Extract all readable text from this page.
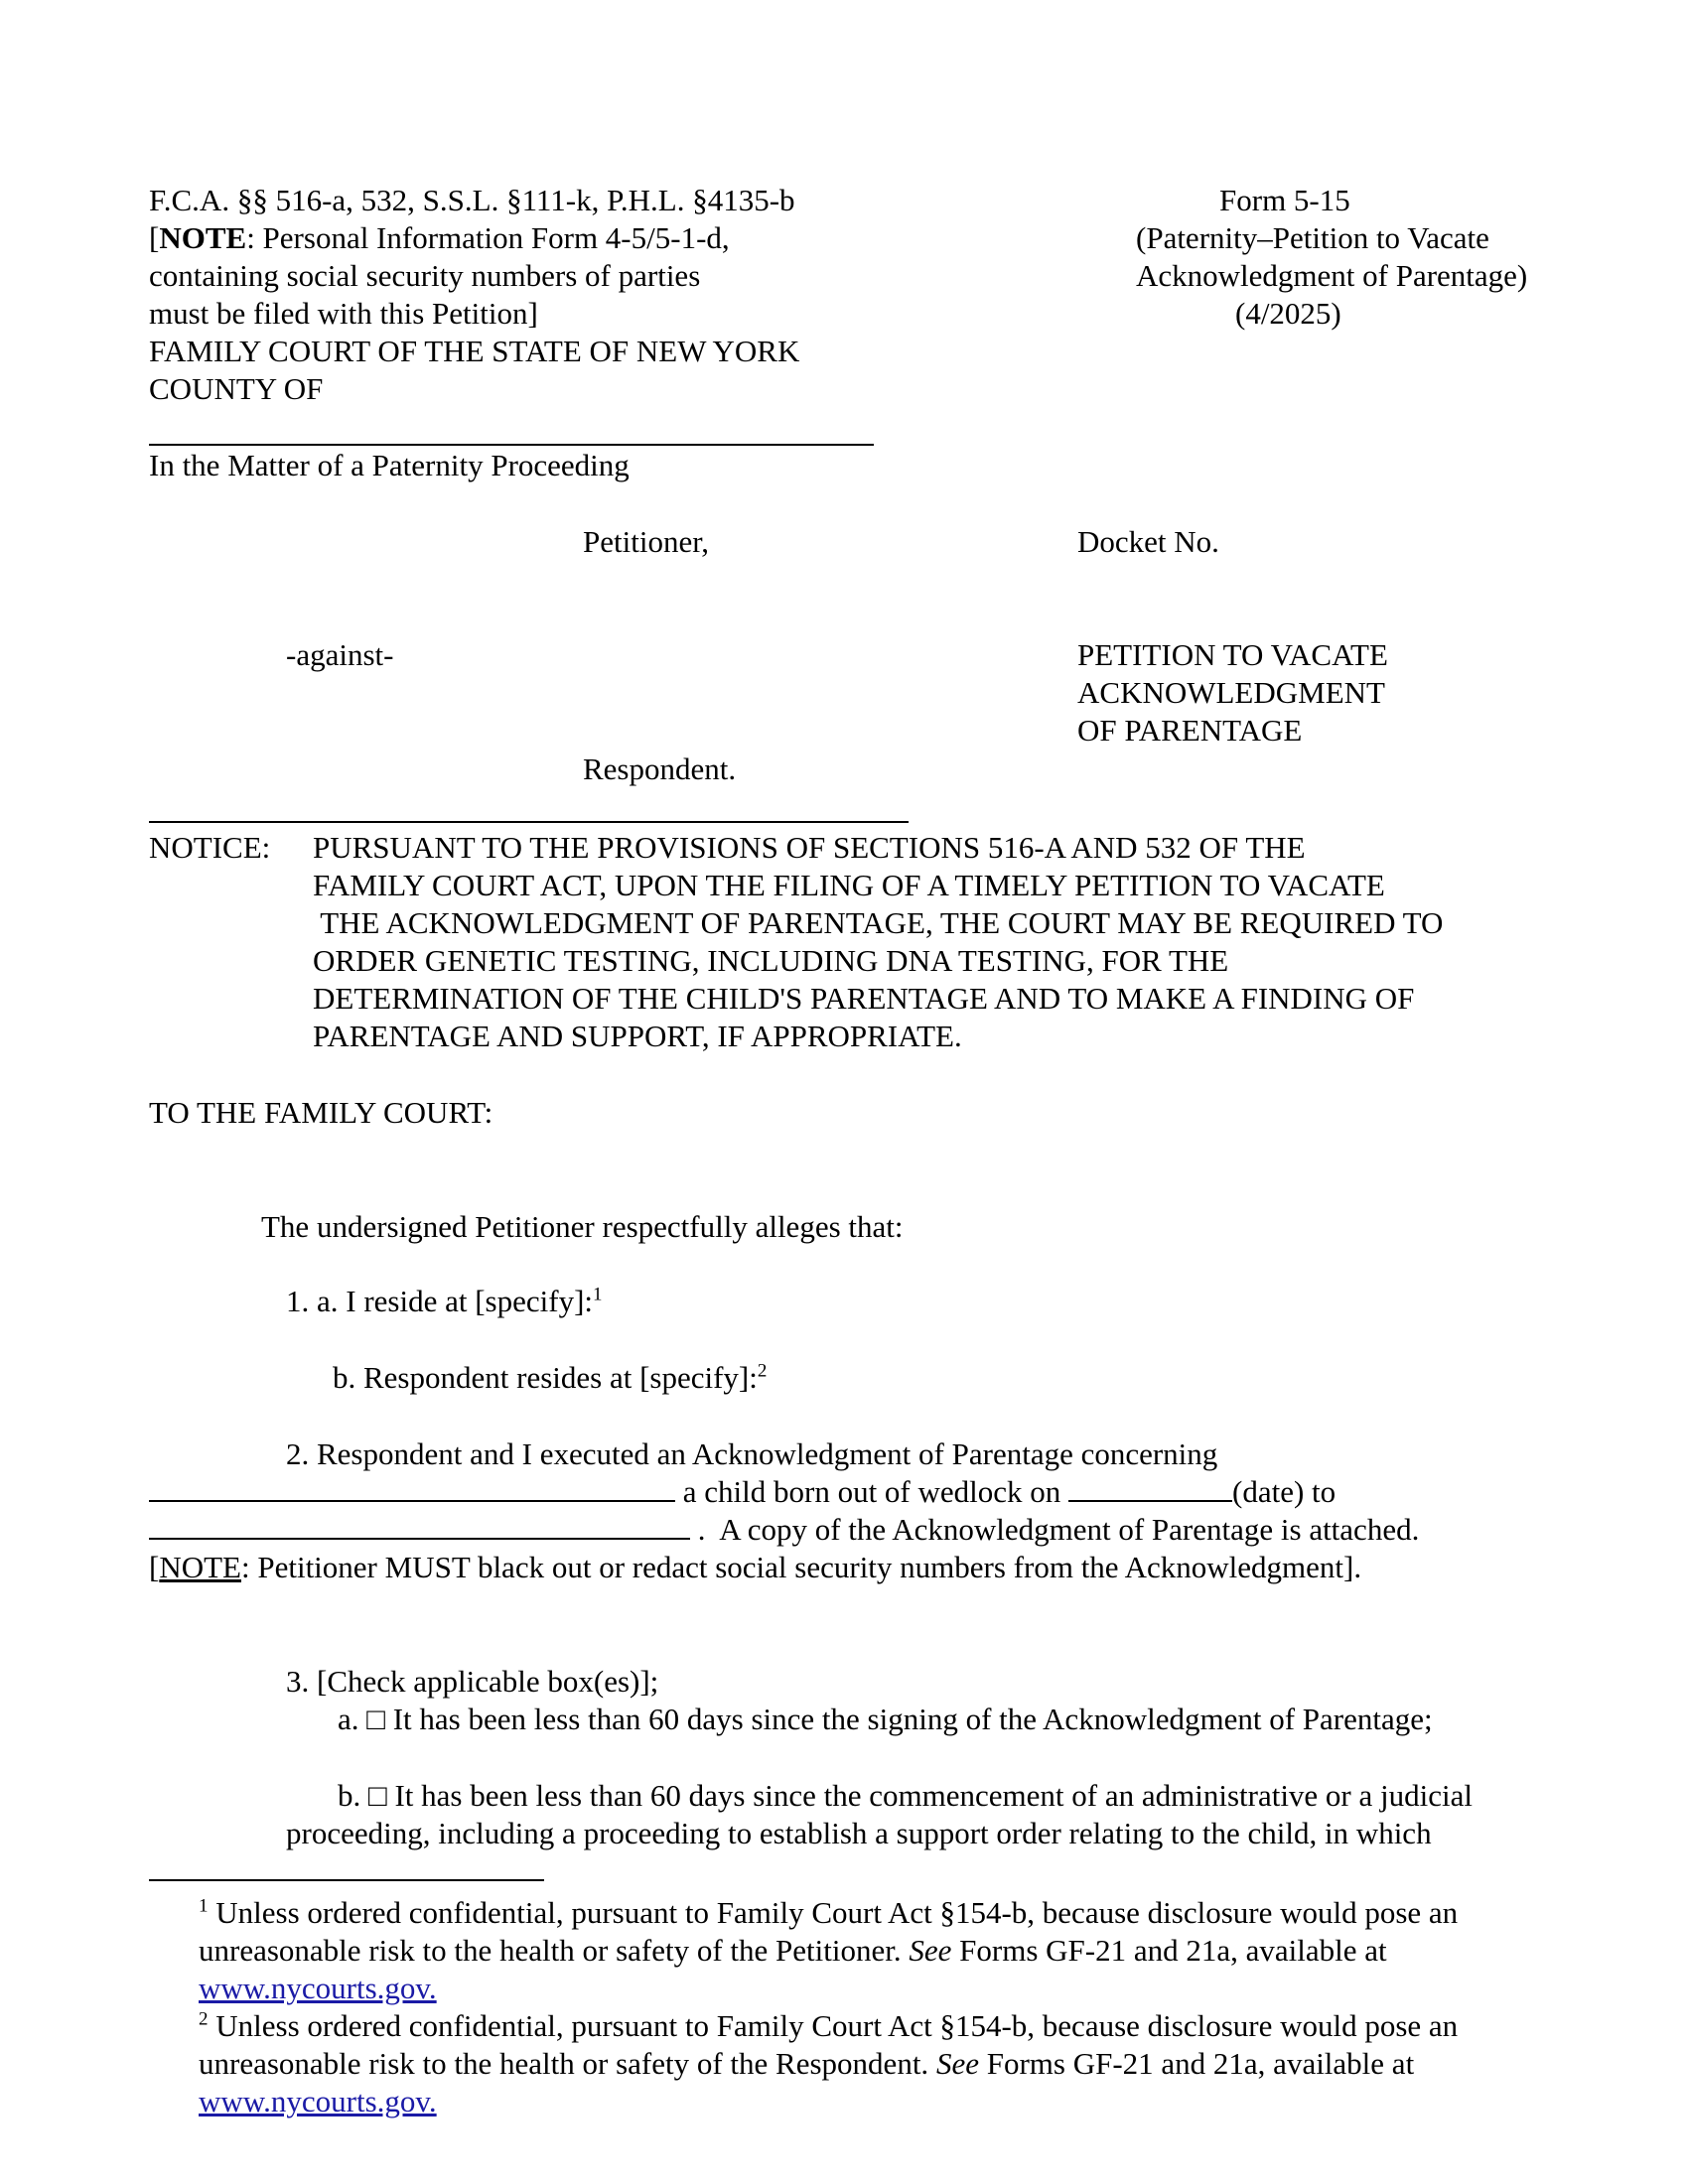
F.C.A. §§ 516-a, 532, S.S.L. §111-k, P.H.L. §4135-b
[NOTE: Personal Information Form 4-5/5-1-d,
containing social security numbers of parties
must be filed with this Petition]
FAMILY COURT OF THE STATE OF NEW YORK
COUNTY OF
Form 5-15
(Paternity–Petition to Vacate
Acknowledgment of Parentage)
(4/2025)
In the Matter of a Paternity Proceeding
Petitioner,	Docket No.
-against-	PETITION TO VACATE
ACKNOWLEDGMENT
OF PARENTAGE
Respondent.
NOTICE: PURSUANT TO THE PROVISIONS OF SECTIONS 516-A AND 532 OF THE
FAMILY COURT ACT, UPON THE FILING OF A TIMELY PETITION TO VACATE
THE ACKNOWLEDGMENT OF PARENTAGE, THE COURT MAY BE REQUIRED TO
ORDER GENETIC TESTING, INCLUDING DNA TESTING, FOR THE
DETERMINATION OF THE CHILD'S PARENTAGE AND TO MAKE A FINDING OF
PARENTAGE AND SUPPORT, IF APPROPRIATE.
TO THE FAMILY COURT:
The undersigned Petitioner respectfully alleges that:
1. a. I reside at [specify]:$^1$
b. Respondent resides at [specify]:$^2$
2. Respondent and I executed an Acknowledgment of Parentage concerning
a child born out of wedlock on	(date) to
.  A copy of the Acknowledgment of Parentage is attached.
[NOTE: Petitioner MUST black out or redact social security numbers from the Acknowledgment].
3. [Check applicable box(es)];
a. □ It has been less than 60 days since the signing of the Acknowledgment of Parentage;
b. □ It has been less than 60 days since the commencement of an administrative or a judicial
proceeding, including a proceeding to establish a support order relating to the child, in which
$^1$ Unless ordered confidential, pursuant to Family Court Act §154-b, because disclosure would pose an
unreasonable risk to the health or safety of the Petitioner. See Forms GF-21 and 21a, available at
www.nycourts.gov.
$^2$ Unless ordered confidential, pursuant to Family Court Act §154-b, because disclosure would pose an
unreasonable risk to the health or safety of the Respondent. See Forms GF-21 and 21a, available at
www.nycourts.gov.
